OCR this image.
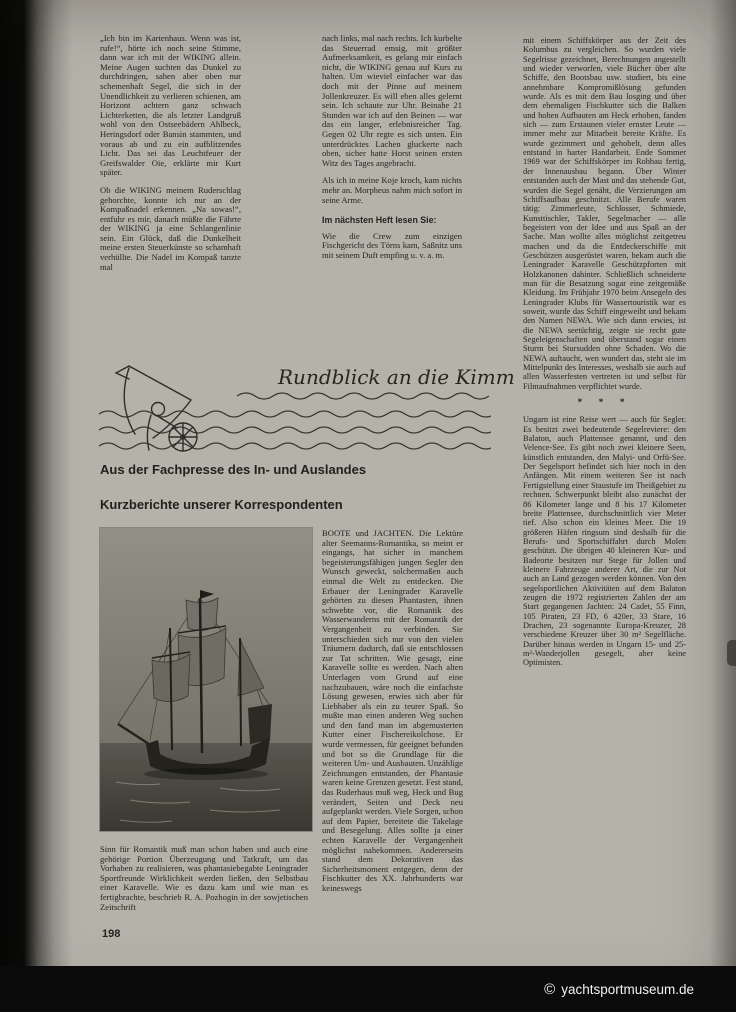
„Ich bin im Kartenhaus. Wenn was ist, rufe!“, hörte ich noch seine Stimme, dann war ich mit der WIKING allein. Meine Augen suchten das Dunkel zu durchdringen, sahen aber oben nur schemenhaft Segel, die sich in der Unendlichkeit zu verlieren schienen, am Horizont achtern ganz schwach Lichterketten, die als letzter Landgruß wohl von den Ostseebädern Ahlbeck, Heringsdorf oder Bansin stammten, und voraus ab und zu ein aufblitzendes Licht. Das sei das Leuchtfeuer der Greifswalder Oie, erklärte mir Kurt später.

Ob die WIKING meinem Ruderschlag gehorchte, konnte ich nur an der Kompaßnadel erkennen. „Na sowas!“, entfuhr es mir, danach müßte die Fährte der WIKING ja eine Schlangenlinie sein. Ein Glück, daß die Dunkelheit meine ersten Steuerkünste so schamhaft verhüllte. Die Nadel im Kompaß tanzte mal

nach links, mal nach rechts. Ich kurbelte das Steuerrad emsig, mit größter Aufmerksamkeit, es gelang mir einfach nicht, die WIKING genau auf Kurs zu halten. Um wieviel einfacher war das doch mit der Pinne auf meinem Jollenkreuzer. Es will eben alles gelernt sein. Ich schaute zur Uhr. Beinahe 21 Stunden war ich auf den Beinen — war das ein langer, erlebnisreicher Tag. Gegen 02 Uhr regte es sich unten. Ein unterdrücktes Lachen gluckerte nach oben, sicher hatte Horst seinen ersten Witz des Tages angebracht.

Als ich in meine Koje kroch, kam nichts mehr an. Morpheus nahm mich sofort in seine Arme.

Im nächsten Heft lesen Sie:

Wie die Crew zum einzigen Fischgericht des Törns kam, Saßnitz uns mit seinem Duft empfing u. v. a. m.

mit einem Schiffskörper aus der Zeit des Kolumbus zu vergleichen. So wurden viele Segelrisse gezeichnet, Berechnungen angestellt und wieder verworfen, viele Bücher über alte Schiffe, den Bootsbau usw. studiert, bis eine annehmbare Kompromißlösung gefunden wurde. Als es mit dem Bau losging und über dem ehemaligen Fischkutter sich die Balken und hohen Aufbauten am Heck erhoben, fanden sich — zum Erstaunen vieler ernster Leute — immer mehr zur Mitarbeit bereite Kräfte. Es wurde gezimmert und gehobelt, denn alles entstand in harter Handarbeit. Ende Sommer 1969 war der Schiffskörper im Rohbau fertig, der Innenausbau begann. Über Winter entstanden auch der Mast und das stehende Gut, wurden die Segel genäht, die Verzierungen am Schiffsaufbau geschnitzt. Alle Berufe waren tätig: Zimmerleute, Schlosser, Schmiede, Kunsttischler, Takler, Segelmacher — alle begeistert von der Idee und aus Spaß an der Sache. Man wollte alles möglichst zeitgetreu machen und da die Entdeckerschiffe mit Geschützen ausgerüstet waren, bekam auch die Leningrader Karavelle Geschützpforten mit Holzkanonen dahinter. Schließlich schneiderte man für die Besatzung sogar eine zeitgemäße Kleidung. Im Frühjahr 1970 beim Ansegeln des Leningrader Klubs für Wassertouristik war es soweit, wurde das Schiff eingeweiht und bekam den Namen NEWA. Wie sich dann erwies, ist die NEWA seetüchtig, zeigte sie recht gute Segeleigenschaften und überstand sogar einen Sturm bei Stursudden ohne Schaden. Wo die NEWA auftaucht, wen wundert das, steht sie im Mittelpunkt des Interesses, weshalb sie auch auf allen Wasserfesten vertreten ist und selbst für Filmaufnahmen verpflichtet wurde.

* * *

Ungarn ist eine Reise wert — auch für Segler. Es besitzt zwei bedeutende Segelreviere: den Balaton, auch Plattensee genannt, und den Velence-See. Es gibt noch zwei kleinere Seen, künstlich entstanden, den Malyi- und Orfü-See. Der Segelsport befindet sich hier noch in den Anfängen. Mit einem weiteren See ist nach Fertigstellung einer Staustufe im Theißgebiet zu rechnen. Schwerpunkt bleibt also zunächst der 86 Kilometer lange und 8 bis 17 Kilometer breite Plattensee, durchschnittlich vier Meter tief. Also schon ein kleines Meer. Die 19 größeren Häfen ringsum sind deshalb für die Berufs- und Sportschiffahrt durch Molen geschützt. Die übrigen 40 kleineren Kur- und Badeorte besitzen nur Stege für Jollen und kleinere Fahrzeuge anderer Art, die zur Not auch an Land gezogen werden können. Von den segelsportlichen Aktivitäten auf dem Balaton zeugen die 1972 registrierten Zahlen der am Start gegangenen Jachten: 24 Cadet, 55 Finn, 105 Piraten, 23 FD, 6 420er, 33 Stare, 16 Drachen, 23 sogenannte Europa-Kreuzer, 28 verschiedene Kreuzer über 30 m² Segelfläche. Darüber hinaus werden in Ungarn 15- und 25-m²-Wanderjollen gesegelt, aber keine Optimisten.

Rundblick an die Kimm
Aus der Fachpresse des In- und Auslandes
Kurzberichte unserer Korrespondenten

BOOTE und JACHTEN. Die Lektüre alter Seemanns-Romantika, so meint er eingangs, hat sicher in manchem begeisterungsfähigen jungen Segler den Wunsch geweckt, solchermaßen auch einmal die Welt zu entdecken. Die Erbauer der Leningrader Karavelle gehörten zu diesen Phantasten, ihnen schwebte vor, die Romantik des Wasserwanderns mit der Romantik der Vergangenheit zu verbinden. Sie unterschieden sich nur von den vielen Träumern dadurch, daß sie entschlossen zur Tat schritten. Wie gesagt, eine Karavelle sollte es werden. Nach alten Unterlagen vom Grund auf eine nachzubauen, wäre noch die einfachste Lösung gewesen, erwies sich aber für Liebhaber als ein zu teurer Spaß. So mußte man einen anderen Weg suchen und den fand man im abgemusterten Kutter einer Fischereikolchose. Er wurde vermessen, für geeignet befunden und bot so die Grundlage für die weiteren Um- und Ausbauten. Unzählige Zeichnungen entstanden, der Phantasie waren keine Grenzen gesetzt. Fest stand, das Ruderhaus muß weg, Heck und Bug verändert, Seiten und Deck neu aufgeplankt werden. Viele Sorgen, schon auf dem Papier, bereitete die Takelage und Besegelung. Alles sollte ja einer echten Karavelle der Vergangenheit möglichst nahekommen. Andererseits stand dem Dekorativen das Sicherheitsmoment entgegen, denn der Fischkutter des XX. Jahrhunderts war keineswegs

Sinn für Romantik muß man schon haben und auch eine gehörige Portion Überzeugung und Tatkraft, um das Vorhaben zu realisieren, was phantasiebegabte Leningrader Sportfreunde Wirklichkeit werden ließen, den Selbstbau einer Karavelle. Wie es dazu kam und wie man es fertigbrachte, beschrieb R. A. Pozhogin in der sowjetischen Zeitschrift

198
© yachtsportmuseum.de
